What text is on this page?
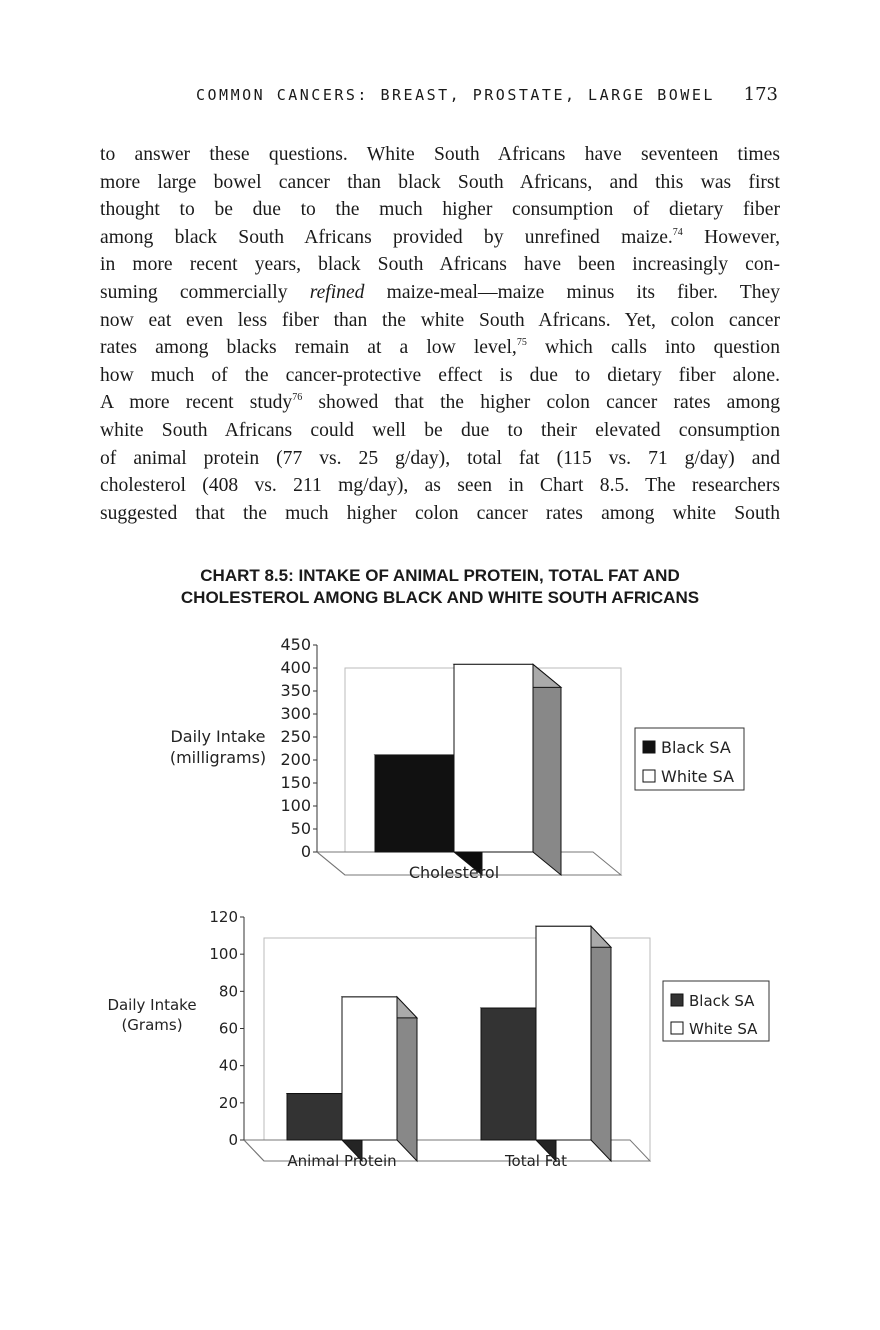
COMMON CANCERS: BREAST, PROSTATE, LARGE BOWEL 173
to answer these questions. White South Africans have seventeen times
more large bowel cancer than black South Africans, and this was first
thought to be due to the much higher consumption of dietary fiber
among black South Africans provided by unrefined maize.$^{74}$ However,
in more recent years, black South Africans have been increasingly con-
suming commercially refined maize-meal—maize minus its fiber. They
now eat even less fiber than the white South Africans. Yet, colon cancer
rates among blacks remain at a low level,$^{75}$ which calls into question
how much of the cancer-protective effect is due to dietary fiber alone.
A more recent study$^{76}$ showed that the higher colon cancer rates among
white South Africans could well be due to their elevated consumption
of animal protein (77 vs. 25 g/day), total fat (115 vs. 71 g/day) and
cholesterol (408 vs. 211 mg/day), as seen in Chart 8.5. The researchers
suggested that the much higher colon cancer rates among white South
CHART 8.5: INTAKE OF ANIMAL PROTEIN, TOTAL FAT AND
CHOLESTEROL AMONG BLACK AND WHITE SOUTH AFRICANS
0
50
100
150
200
250
300
350
400
450
Daily Intake
(milligrams)
Cholesterol
Black SA
White SA
0
20
40
60
80
100
120
Daily Intake
(Grams)
Animal Protein	Total Fat
Black SA
White SA
